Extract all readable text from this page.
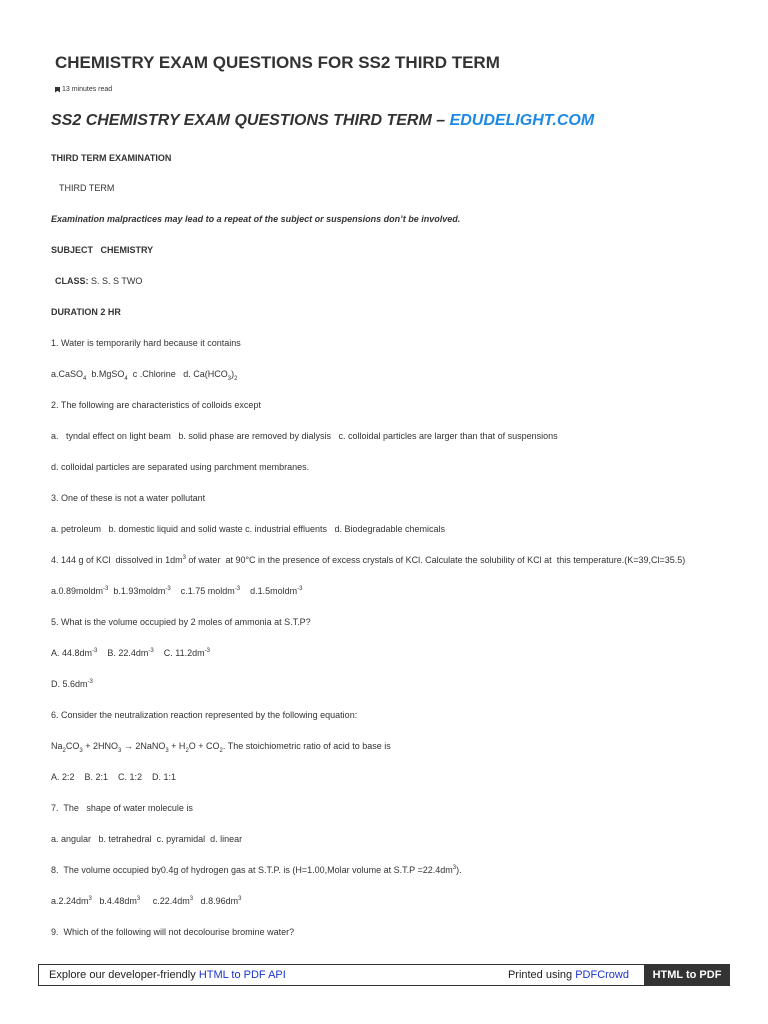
CHEMISTRY EXAM QUESTIONS FOR SS2 THIRD TERM
13 minutes read
SS2 CHEMISTRY EXAM QUESTIONS THIRD TERM – EDUDELIGHT.COM

THIRD TERM EXAMINATION

THIRD TERM

Examination malpractices may lead to a repeat of the subject or suspensions don’t be involved.

SUBJECT   CHEMISTRY

CLASS: S. S. S TWO

DURATION 2 HR

1. Water is temporarily hard because it contains

a.CaSO$_4$  b.MgSO$_4$  c .Chlorine   d. $Ca(HCO_3)_2$

2. The following are characteristics of colloids except

a.   tyndal effect on light beam   b. solid phase are removed by dialysis   c. colloidal particles are larger than that of suspensions

d. colloidal particles are separated using parchment membranes.

3. One of these is not a water pollutant

a. petroleum   b. domestic liquid and solid waste c. industrial effluents   d. Biodegradable chemicals

4. 144 g of KCl  dissolved in $1dm^3$ of water  at 90°C in the presence of excess crystals of KCl. Calculate the solubility of KCl at  this temperature.(K=39,Cl=35.5)

a.0.89moldm$^{-3}$  b.1.93moldm$^{-3}$    c.1.75 moldm$^{-3}$    d.1.5moldm$^{-3}$

5. What is the volume occupied by 2 moles of ammonia at S.T.P?

A. $44.8dm^{-3}$    B. $22.4dm^{-3}$    C. $11.2dm^{-3}$

D. $5.6dm^{-3}$

6. Consider the neutralization reaction represented by the following equation:

$Na_2CO_3 + 2HNO_3$ → 2NaNO$_3$ + $H_2O + CO_2$. The stoichiometric ratio of acid to base is

A. 2:2    B. 2:1    C. 1:2    D. 1:1

7.  The   shape of water molecule is

a. angular   b. tetrahedral  c. pyramidal  d. linear

8.  The volume occupied by0.4g of hydrogen gas at S.T.P. is (H=1.00,Molar volume at $S.T.P =22.4dm^3$).

$a.2.24dm^3$   $b.4.48dm^3$     $c.22.4dm^3$   $d.8.96dm^3$

9.  Which of the following will not decolourise bromine water?

Explore our developer-friendly HTML to PDF API	Printed using PDFCrowd	HTML to PDF
